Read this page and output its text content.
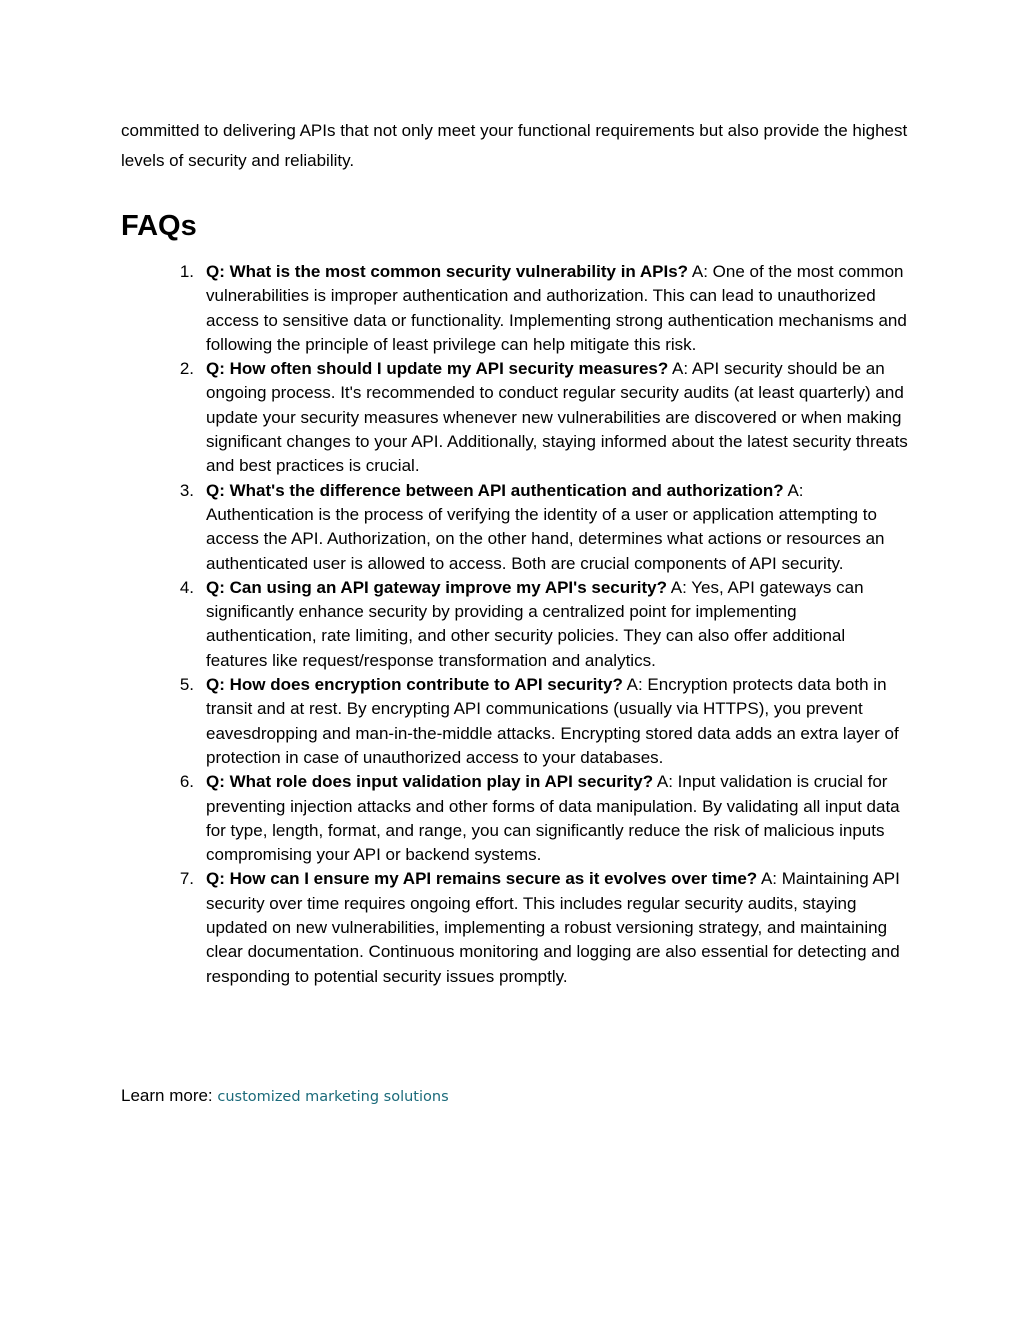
committed to delivering APIs that not only meet your functional requirements but also provide the highest levels of security and reliability.

FAQs
1. Q: What is the most common security vulnerability in APIs? A: One of the most common vulnerabilities is improper authentication and authorization. This can lead to unauthorized access to sensitive data or functionality. Implementing strong authentication mechanisms and following the principle of least privilege can help mitigate this risk.
2. Q: How often should I update my API security measures? A: API security should be an ongoing process. It's recommended to conduct regular security audits (at least quarterly) and update your security measures whenever new vulnerabilities are discovered or when making significant changes to your API. Additionally, staying informed about the latest security threats and best practices is crucial.
3. Q: What's the difference between API authentication and authorization? A: Authentication is the process of verifying the identity of a user or application attempting to access the API. Authorization, on the other hand, determines what actions or resources an authenticated user is allowed to access. Both are crucial components of API security.
4. Q: Can using an API gateway improve my API's security? A: Yes, API gateways can significantly enhance security by providing a centralized point for implementing authentication, rate limiting, and other security policies. They can also offer additional features like request/response transformation and analytics.
5. Q: How does encryption contribute to API security? A: Encryption protects data both in transit and at rest. By encrypting API communications (usually via HTTPS), you prevent eavesdropping and man-in-the-middle attacks. Encrypting stored data adds an extra layer of protection in case of unauthorized access to your databases.
6. Q: What role does input validation play in API security? A: Input validation is crucial for preventing injection attacks and other forms of data manipulation. By validating all input data for type, length, format, and range, you can significantly reduce the risk of malicious inputs compromising your API or backend systems.
7. Q: How can I ensure my API remains secure as it evolves over time? A: Maintaining API security over time requires ongoing effort. This includes regular security audits, staying updated on new vulnerabilities, implementing a robust versioning strategy, and maintaining clear documentation. Continuous monitoring and logging are also essential for detecting and responding to potential security issues promptly.

Learn more: customized marketing solutions
